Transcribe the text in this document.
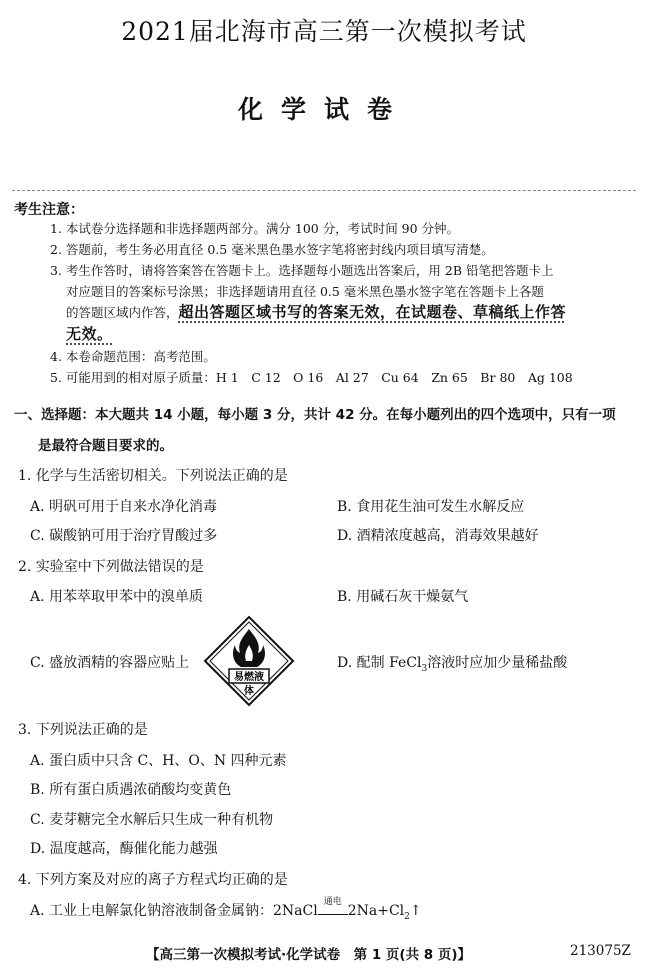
2021届北海市高三第一次模拟考试
化学试卷
考生注意：
1. 本试卷分选择题和非选择题两部分。满分 100 分，考试时间 90 分钟。
2. 答题前，考生务必用直径 0.5 毫米黑色墨水签字笔将密封线内项目填写清楚。
3. 考生作答时，请将答案答在答题卡上。选择题每小题选出答案后，用 2B 铅笔把答题卡上
对应题目的答案标号涂黑；非选择题请用直径 0.5 毫米黑色墨水签字笔在答题卡上各题
的答题区域内作答，超出答题区域书写的答案无效，在试题卷、草稿纸上作答
无效。
4. 本卷命题范围：高考范围。
5. 可能用到的相对原子质量：H 1　C 12　O 16　Al 27　Cu 64　Zn 65　Br 80　Ag 108
一、选择题：本大题共 14 小题，每小题 3 分，共计 42 分。在每小题列出的四个选项中，只有一项
是最符合题目要求的。
1. 化学与生活密切相关。下列说法正确的是
A. 明矾可用于自来水净化消毒	B. 食用花生油可发生水解反应
C. 碳酸钠可用于治疗胃酸过多	D. 酒精浓度越高，消毒效果越好
2. 实验室中下列做法错误的是
A. 用苯萃取甲苯中的溴单质	B. 用碱石灰干燥氨气
C. 盛放酒精的容器应贴上	D. 配制 FeCl$_3$溶液时应加少量稀盐酸
易燃液
体
3. 下列说法正确的是
A. 蛋白质中只含 C、H、O、N 四种元素
B. 所有蛋白质遇浓硝酸均变黄色
C. 麦芽糖完全水解后只生成一种有机物
D. 温度越高，酶催化能力越强
4. 下列方案及对应的离子方程式均正确的是
A. 工业上电解氯化钠溶液制备金属钠：2NaCl
通电
$2Na+Cl_2↑$
【高三第一次模拟考试·化学试卷　第 1 页(共 8 页)】	213075Z
